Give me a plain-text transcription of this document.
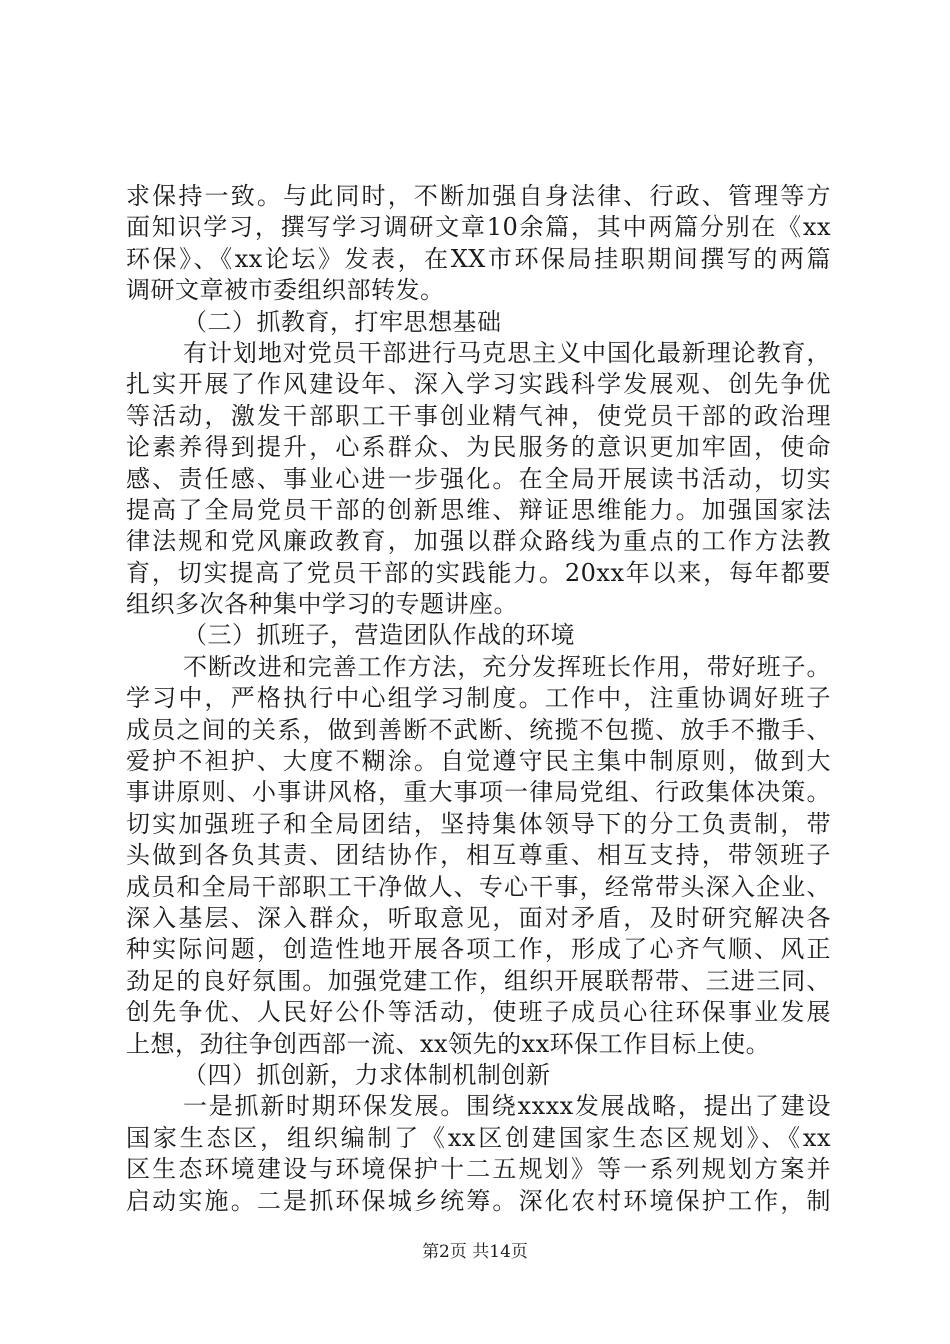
求保持一致。与此同时，不断加强自身法律、行政、管理等方
面知识学习，撰写学习调研文章10余篇，其中两篇分别在《xx
环保》、《xx论坛》发表，在XX市环保局挂职期间撰写的两篇
调研文章被市委组织部转发。
（二）抓教育，打牢思想基础
有计划地对党员干部进行马克思主义中国化最新理论教育，
扎实开展了作风建设年、深入学习实践科学发展观、创先争优
等活动，激发干部职工干事创业精气神，使党员干部的政治理
论素养得到提升，心系群众、为民服务的意识更加牢固，使命
感、责任感、事业心进一步强化。在全局开展读书活动，切实
提高了全局党员干部的创新思维、辩证思维能力。加强国家法
律法规和党风廉政教育，加强以群众路线为重点的工作方法教
育，切实提高了党员干部的实践能力。20xx年以来，每年都要
组织多次各种集中学习的专题讲座。
（三）抓班子，营造团队作战的环境
不断改进和完善工作方法，充分发挥班长作用，带好班子。
学习中，严格执行中心组学习制度。工作中，注重协调好班子
成员之间的关系，做到善断不武断、统揽不包揽、放手不撒手、
爱护不袒护、大度不糊涂。自觉遵守民主集中制原则，做到大
事讲原则、小事讲风格，重大事项一律局党组、行政集体决策。
切实加强班子和全局团结，坚持集体领导下的分工负责制，带
头做到各负其责、团结协作，相互尊重、相互支持，带领班子
成员和全局干部职工干净做人、专心干事，经常带头深入企业、
深入基层、深入群众，听取意见，面对矛盾，及时研究解决各
种实际问题，创造性地开展各项工作，形成了心齐气顺、风正
劲足的良好氛围。加强党建工作，组织开展联帮带、三进三同、
创先争优、人民好公仆等活动，使班子成员心往环保事业发展
上想，劲往争创西部一流、xx领先的xx环保工作目标上使。
（四）抓创新，力求体制机制创新
一是抓新时期环保发展。围绕xxxx发展战略，提出了建设
国家生态区，组织编制了《xx区创建国家生态区规划》、《xx
区生态环境建设与环境保护十二五规划》等一系列规划方案并
启动实施。二是抓环保城乡统筹。深化农村环境保护工作，制
第2页 共14页
